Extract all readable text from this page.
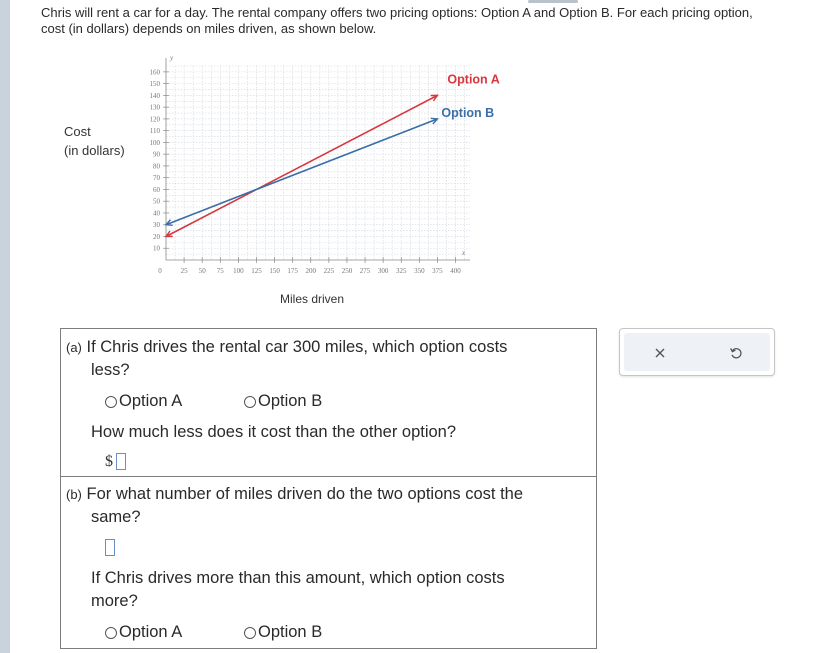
Chris will rent a car for a day. The rental company offers two pricing options: Option A and Option B. For each pricing option,
cost (in dollars) depends on miles driven, as shown below.
Cost
(in dollars)
10
20
30
40
50
60
70
80
90
100
110
120
130
140
150
160
0	25 50 75 100 125 150 175 200 225 250 275 300 325 350 375 400
Option A
Option B
y
x
Miles driven
(a) If Chris drives the rental car 300 miles, which option costs
less?
Option A	Option B
How much less does it cost than the other option?
$
(b) For what number of miles driven do the two options cost the
same?
If Chris drives more than this amount, which option costs
more?
Option A	Option B
